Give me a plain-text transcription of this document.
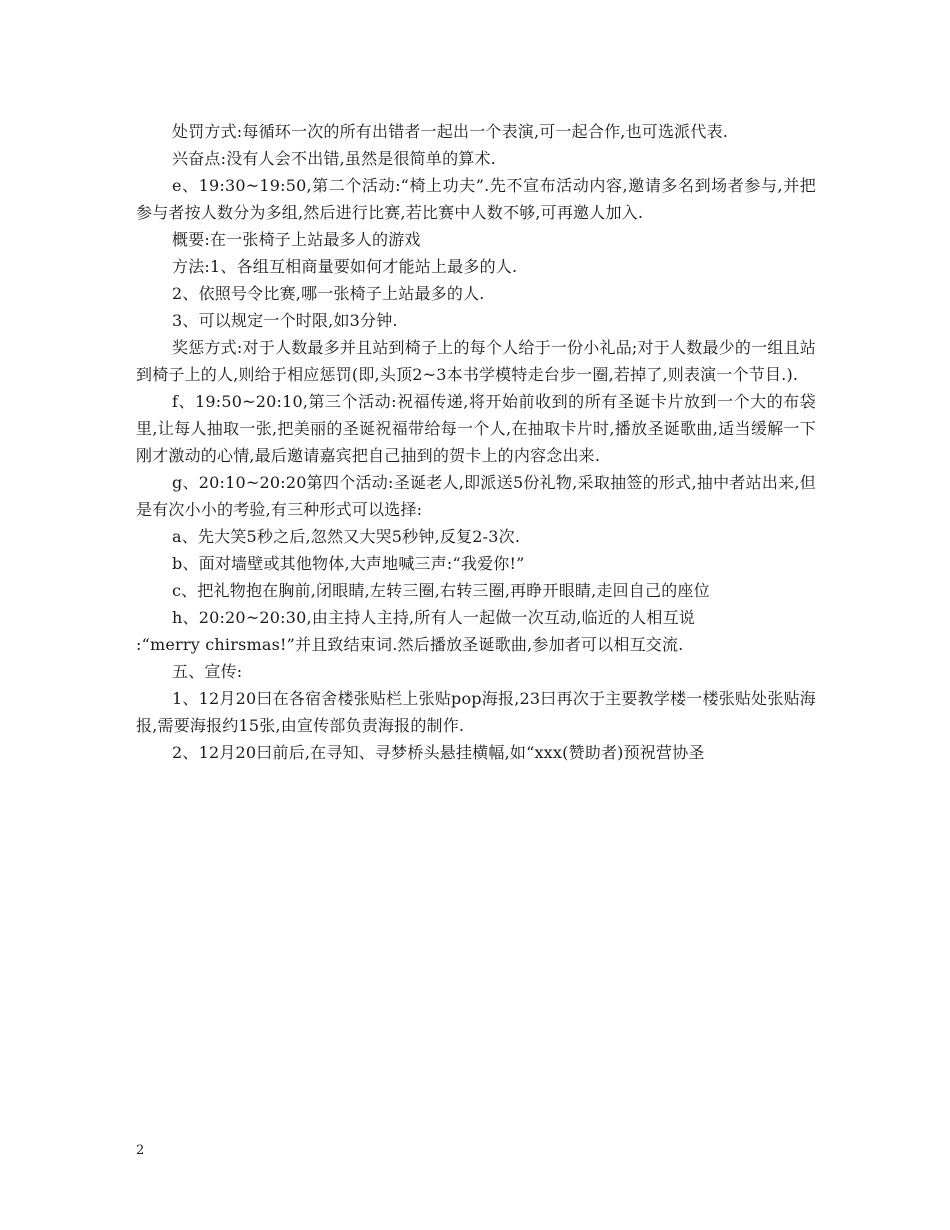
处罚方式:每循环一次的所有出错者一起出一个表演,可一起合作,也可选派代表.

兴奋点:没有人会不出错,虽然是很简单的算术.

e、19:30~19:50,第二个活动:“椅上功夫”.先不宣布活动内容,邀请多名到场者参与,并把参与者按人数分为多组,然后进行比赛,若比赛中人数不够,可再邀人加入.

概要:在一张椅子上站最多人的游戏

方法:1、各组互相商量要如何才能站上最多的人.

2、依照号令比赛,哪一张椅子上站最多的人.

3、可以规定一个时限,如3分钟.

奖惩方式:对于人数最多并且站到椅子上的每个人给于一份小礼品;对于人数最少的一组且站到椅子上的人,则给于相应惩罚(即,头顶2~3本书学模特走台步一圈,若掉了,则表演一个节目.).

f、19:50~20:10,第三个活动:祝福传递,将开始前收到的所有圣诞卡片放到一个大的布袋里,让每人抽取一张,把美丽的圣诞祝福带给每一个人,在抽取卡片时,播放圣诞歌曲,适当缓解一下刚才激动的心情,最后邀请嘉宾把自己抽到的贺卡上的内容念出来.

g、20:10~20:20第四个活动:圣诞老人,即派送5份礼物,采取抽签的形式,抽中者站出来,但是有次小小的考验,有三种形式可以选择:

a、先大笑5秒之后,忽然又大哭5秒钟,反复2-3次.

b、面对墙壁或其他物体,大声地喊三声:“我爱你!”

c、把礼物抱在胸前,闭眼睛,左转三圈,右转三圈,再睁开眼睛,走回自己的座位

h、20:20~20:30,由主持人主持,所有人一起做一次互动,临近的人相互说

:“merry chirsmas!”并且致结束词.然后播放圣诞歌曲,参加者可以相互交流.

五、宣传:

1、12月20曰在各宿舍楼张贴栏上张贴pop海报,23曰再次于主要教学楼一楼张贴处张贴海报,需要海报约15张,由宣传部负责海报的制作.

2、12月20曰前后,在寻知、寻梦桥头悬挂横幅,如“xxx(赞助者)预祝营协圣

2
